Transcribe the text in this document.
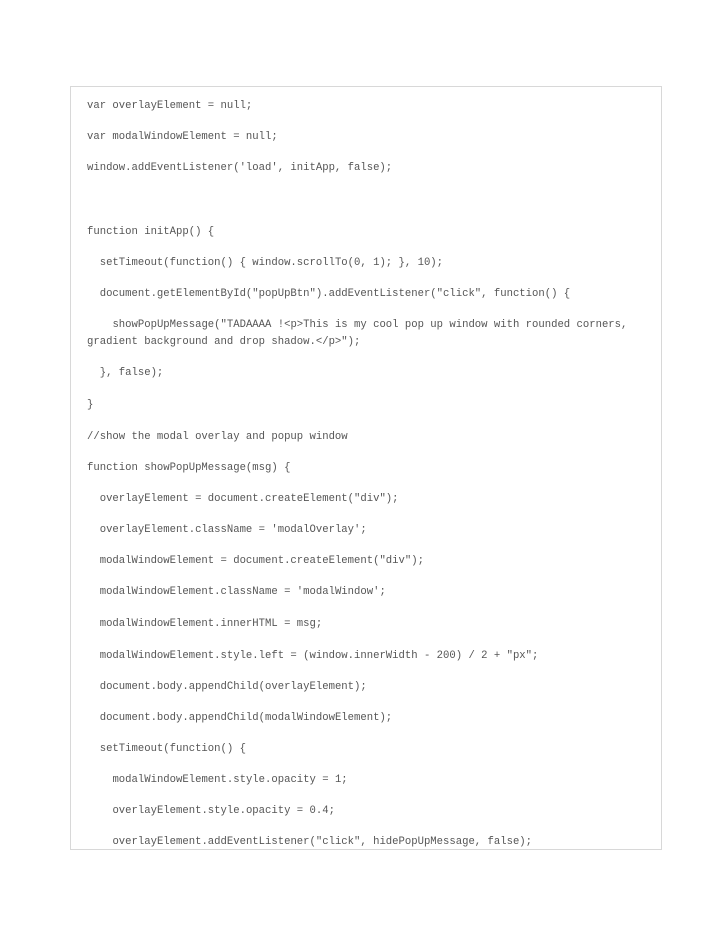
var overlayElement = null;
var modalWindowElement = null;
window.addEventListener('load', initApp, false);
function initApp() {
setTimeout(function() { window.scrollTo(0, 1); }, 10);
document.getElementById("popUpBtn").addEventListener("click", function() {
showPopUpMessage("TADAAAA !<p>This is my cool pop up window with rounded corners, gradient background and drop shadow.</p>");
}, false);
}
//show the modal overlay and popup window
function showPopUpMessage(msg) {
overlayElement = document.createElement("div");
overlayElement.className = 'modalOverlay';
modalWindowElement = document.createElement("div");
modalWindowElement.className = 'modalWindow';
modalWindowElement.innerHTML = msg;
modalWindowElement.style.left = (window.innerWidth - 200) / 2 + "px";
document.body.appendChild(overlayElement);
document.body.appendChild(modalWindowElement);
setTimeout(function() {
modalWindowElement.style.opacity = 1;
overlayElement.style.opacity = 0.4;
overlayElement.addEventListener("click", hidePopUpMessage, false);
